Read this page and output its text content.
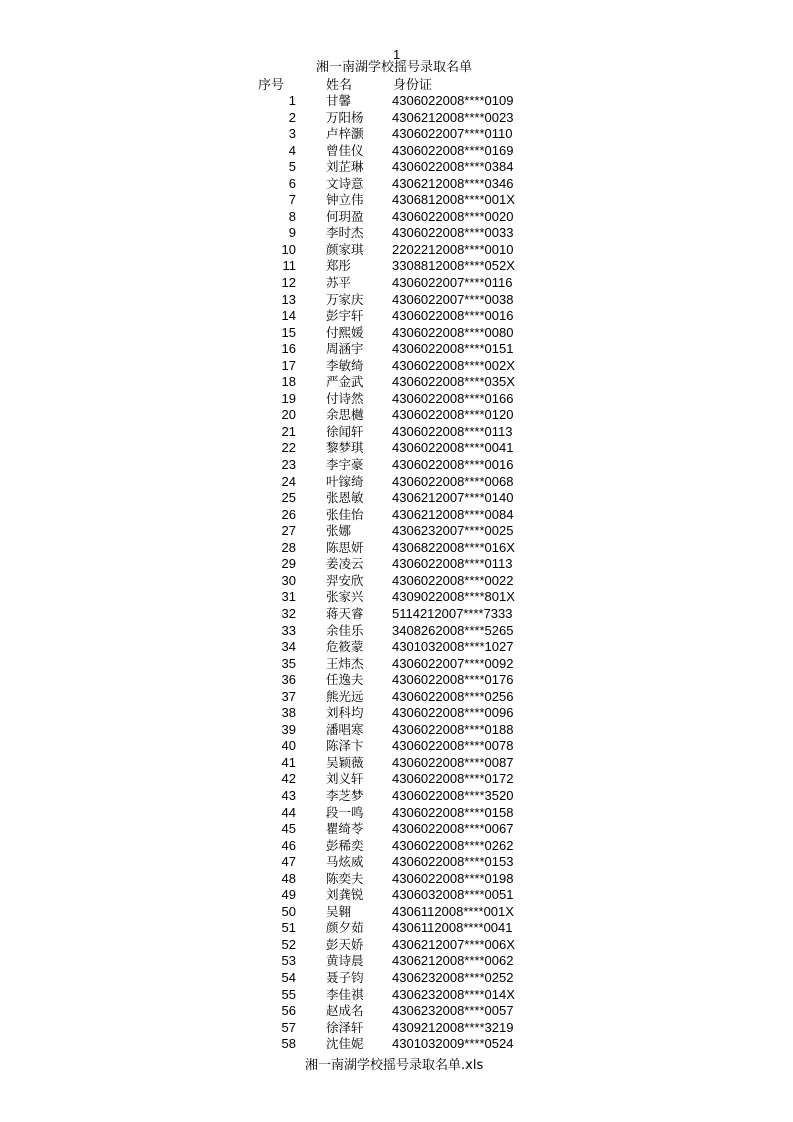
1
湘一南湖学校摇号录取名单
序号	姓名	身份证
1 甘馨	4306022008****0109
2 万阳杨 4306212008****0023
3 卢梓灏 4306022007****0110
4 曾佳仪 4306022008****0169
5 刘芷琳 4306022008****0384
6 文诗意 4306212008****0346
7 钟立伟 4306812008****001X
8 何玥盈 4306022008****0020
9 李时杰 4306022008****0033
10 颜家琪 2202212008****0010
11 郑彤	3308812008****052X
12 苏平	4306022007****0116
13 万家庆 4306022007****0038
14 彭宇轩 4306022008****0016
15 付熙媛 4306022008****0080
16 周涵宇 4306022008****0151
17 李敏绮 4306022008****002X
18 严金武 4306022008****035X
19 付诗然 4306022008****0166
20 余思樾 4306022008****0120
21 徐闻轩 4306022008****0113
22 黎梦琪 4306022008****0041
23 李宇豪 4306022008****0016
24 叶镓绮 4306022008****0068
25 张恩敏 4306212007****0140
26 张佳怡 4306212008****0084
27 张娜	4306232007****0025
28 陈思妍 4306822008****016X
29 姜凌云 4306022008****0113
30 羿安欣 4306022008****0022
31 张家兴 4309022008****801X
32 蒋天睿 5114212007****7333
33 余佳乐 3408262008****5265
34 危筱蒙 4301032008****1027
35 王炜杰 4306022007****0092
36 任逸夫 4306022008****0176
37 熊光远 4306022008****0256
38 刘科均 4306022008****0096
39 潘唱寒 4306022008****0188
40 陈泽卞 4306022008****0078
41 吴颖薇 4306022008****0087
42 刘义轩 4306022008****0172
43 李芝梦 4306022008****3520
44 段一鸣 4306022008****0158
45 瞿绮苓 4306022008****0067
46 彭稀奕 4306022008****0262
47 马炫威 4306022008****0153
48 陈奕夫 4306022008****0198
49 刘龚锐 4306032008****0051
50 吴翱	4306112008****001X
51 颜夕茹 4306112008****0041
52 彭天娇 4306212007****006X
53 黄诗晨 4306212008****0062
54 聂子钧 4306232008****0252
55 李佳祺 4306232008****014X
56 赵成名 4306232008****0057
57 徐泽轩 4309212008****3219
58 沈佳妮 4301032009****0524
湘一南湖学校摇号录取名单.xls
